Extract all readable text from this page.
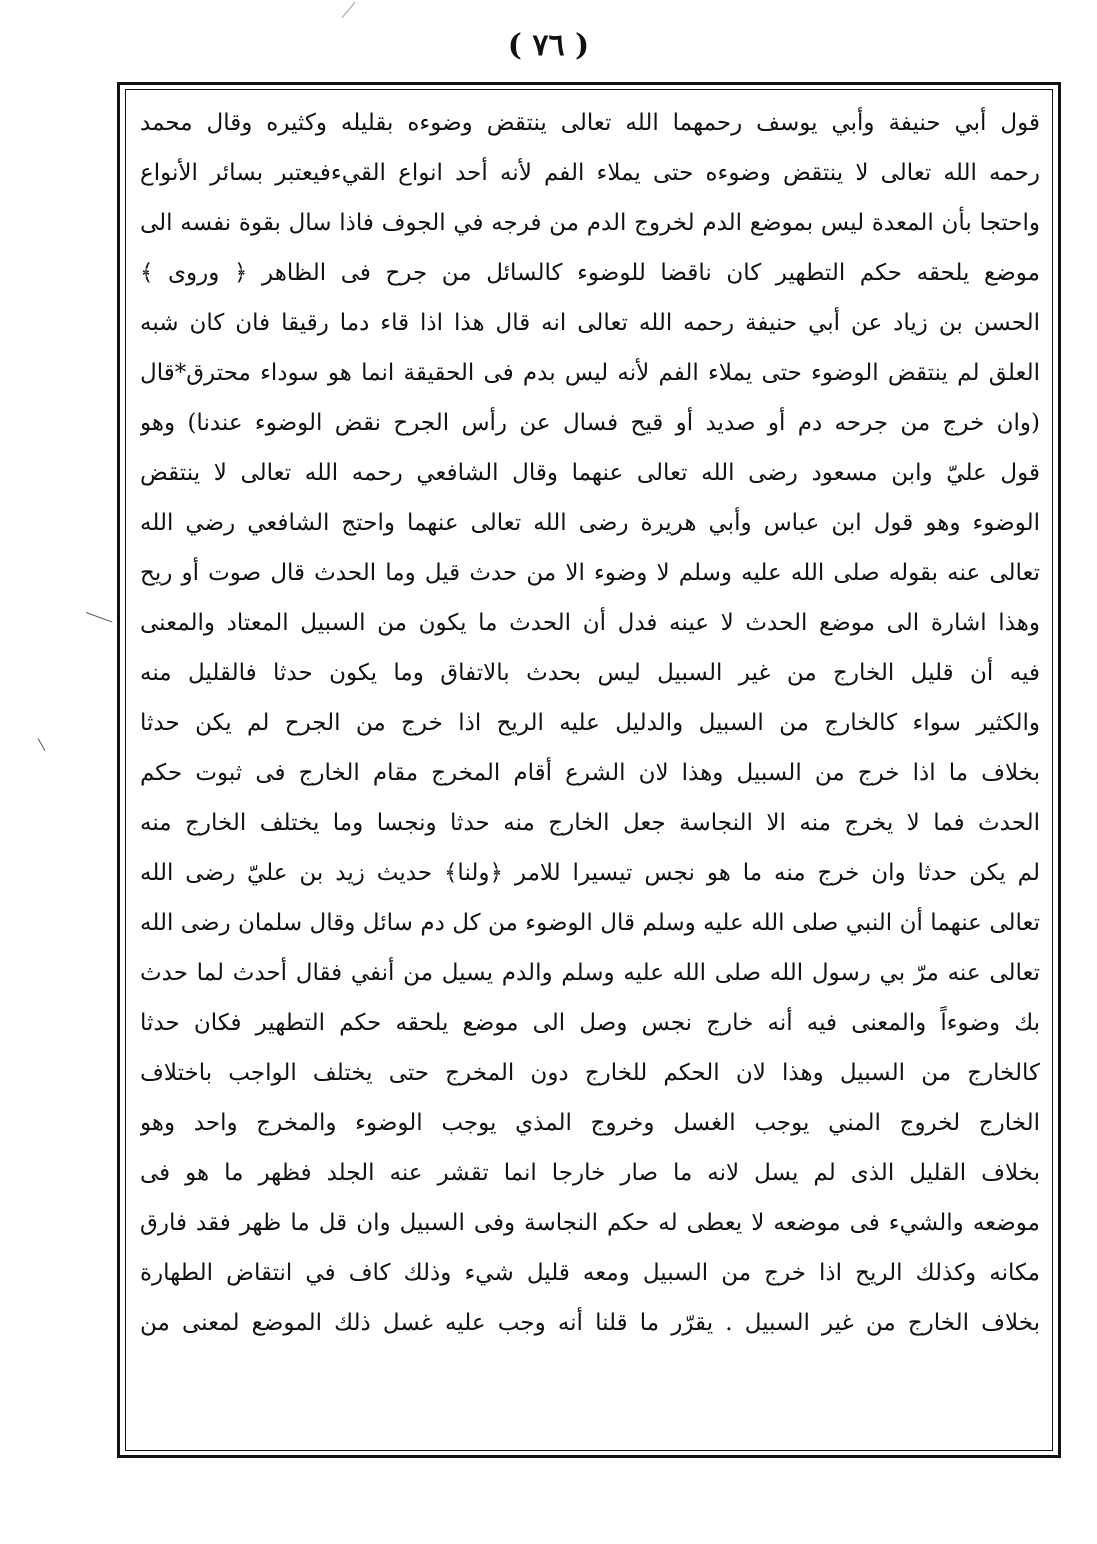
( ٧٦ )
قول أبي حنيفة وأبي يوسف رحمهما الله تعالى ينتقض وضوءه بقليله وكثيره وقال محمد
رحمه الله تعالى لا ينتقض وضوءه حتى يملاء الفم لأنه أحد انواع القيءفيعتبر بسائر الأنواع
واحتجا بأن المعدة ليس بموضع الدم لخروج الدم من فرجه في الجوف فاذا سال بقوة نفسه الى
موضع يلحقه حكم التطهير كان ناقضا للوضوء كالسائل من جرح فى الظاهر ﴿ وروى ﴾
الحسن بن زياد عن أبي حنيفة رحمه الله تعالى انه قال هذا اذا قاء دما رقيقا فان كان شبه
العلق لم ينتقض الوضوء حتى يملاء الفم لأنه ليس بدم فى الحقيقة انما هو سوداء محترق*قال
(وان خرج من جرحه دم أو صديد أو قيح فسال عن رأس الجرح نقض الوضوء عندنا) وهو
قول عليّ وابن مسعود رضى الله تعالى عنهما وقال الشافعي رحمه الله تعالى لا ينتقض
الوضوء وهو قول ابن عباس وأبي هريرة رضى الله تعالى عنهما واحتج الشافعي رضي الله
تعالى عنه بقوله صلى الله عليه وسلم لا وضوء الا من حدث قيل وما الحدث قال صوت أو ريح
وهذا اشارة الى موضع الحدث لا عينه فدل أن الحدث ما يكون من السبيل المعتاد والمعنى
فيه أن قليل الخارج من غير السبيل ليس بحدث بالاتفاق وما يكون حدثا فالقليل منه
والكثير سواء كالخارج من السبيل والدليل عليه الريح اذا خرج من الجرح لم يكن حدثا
بخلاف ما اذا خرج من السبيل وهذا لان الشرع أقام المخرج مقام الخارج فى ثبوت حكم
الحدث فما لا يخرج منه الا النجاسة جعل الخارج منه حدثا ونجسا وما يختلف الخارج منه
لم يكن حدثا وان خرج منه ما هو نجس تيسيرا للامر ﴿ولنا﴾ حديث زيد بن عليّ رضى الله
تعالى عنهما أن النبي صلى الله عليه وسلم قال الوضوء من كل دم سائل وقال سلمان رضى الله
تعالى عنه مرّ بي رسول الله صلى الله عليه وسلم والدم يسيل من أنفي فقال أحدث لما حدث
بك وضوءاً والمعنى فيه أنه خارج نجس وصل الى موضع يلحقه حكم التطهير فكان حدثا
كالخارج من السبيل وهذا لان الحكم للخارج دون المخرج حتى يختلف الواجب باختلاف
الخارج لخروج المني يوجب الغسل وخروج المذي يوجب الوضوء والمخرج واحد وهو
بخلاف القليل الذى لم يسل لانه ما صار خارجا انما تقشر عنه الجلد فظهر ما هو فى
موضعه والشيء فى موضعه لا يعطى له حكم النجاسة وفى السبيل وان قل ما ظهر فقد فارق
مكانه وكذلك الريح اذا خرج من السبيل ومعه قليل شيء وذلك كاف في انتقاض الطهارة
بخلاف الخارج من غير السبيل . يقرّر ما قلنا أنه وجب عليه غسل ذلك الموضع لمعنى من
